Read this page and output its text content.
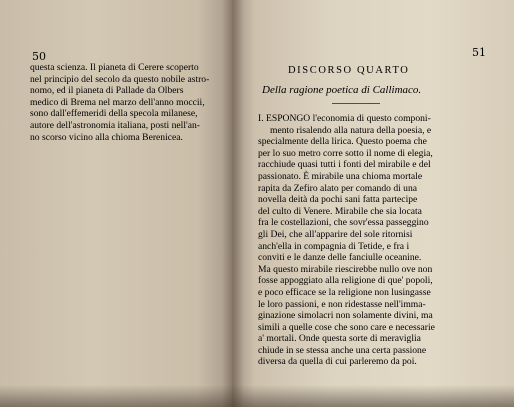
50
questa scienza. Il pianeta di Cerere scoperto
nel principio del secolo da questo nobile astro-
nomo, ed il pianeta di Pallade da Olbers
medico di Brema nel marzo dell'anno moccii,
sono dall'effemeridi della specola milanese,
autore dell'astronomia italiana, posti nell'an-
no scorso vicino alla chioma Berenicea.
51
DISCORSO QUARTO
Della ragione poetica di Callimaco.
I. ESPONGO l'economia di questo componi-
mento risalendo alla natura della poesia, e
specialmente della lirica. Questo poema che
per lo suo metro corre sotto il nome di elegia,
racchiude quasi tutti i fonti del mirabile e del
passionato. È mirabile una chioma mortale
rapita da Zefiro alato per comando di una
novella deità da pochi sani fatta partecipe
del culto di Venere. Mirabile che sia locata
fra le costellazioni, che sovr'essa passeggino
gli Dei, che all'apparire del sole ritornisi
anch'ella in compagnia di Tetide, e fra i
conviti e le danze delle fanciulle oceanine.
Ma questo mirabile riescirebbe nullo ove non
fosse appoggiato alla religione di que' popoli,
e poco efficace se la religione non lusingasse
le loro passioni, e non ridestasse nell'imma-
ginazione simolacri non solamente divini, ma
simili a quelle cose che sono care e necessarie
a' mortali. Onde questa sorte di meraviglia
chiude in se stessa anche una certa passione
diversa da quella di cui parleremo da poi.
